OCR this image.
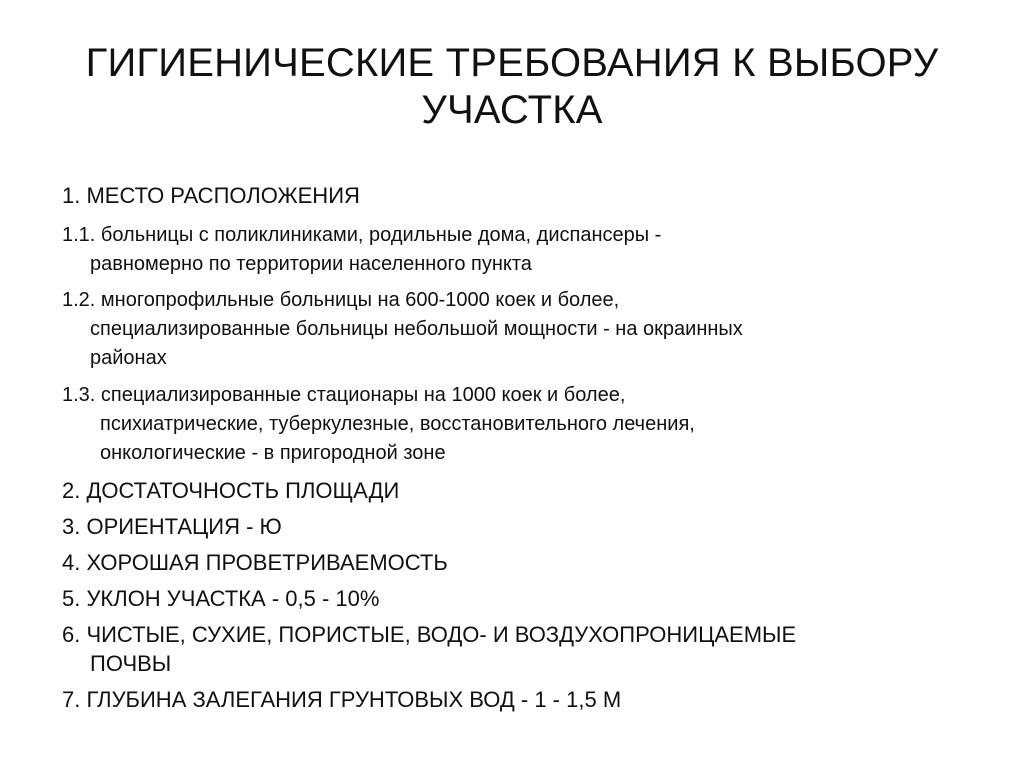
ГИГИЕНИЧЕСКИЕ ТРЕБОВАНИЯ К ВЫБОРУ
УЧАСТКА

1. МЕСТО РАСПОЛОЖЕНИЯ

1.1. больницы с поликлиниками, родильные дома, диспансеры -
равномерно по территории населенного пункта

1.2. многопрофильные больницы на 600-1000 коек и более,
специализированные больницы небольшой мощности - на окраинных
районах

1.3. специализированные стационары на 1000 коек и более,
психиатрические, туберкулезные, восстановительного лечения,
онкологические - в пригородной зоне

2. ДОСТАТОЧНОСТЬ ПЛОЩАДИ

3. ОРИЕНТАЦИЯ - Ю

4. ХОРОШАЯ ПРОВЕТРИВАЕМОСТЬ

5. УКЛОН УЧАСТКА - 0,5 - 10%

6. ЧИСТЫЕ, СУХИЕ, ПОРИСТЫЕ, ВОДО- И ВОЗДУХОПРОНИЦАЕМЫЕ
ПОЧВЫ

7. ГЛУБИНА ЗАЛЕГАНИЯ ГРУНТОВЫХ ВОД - 1 - 1,5 М
